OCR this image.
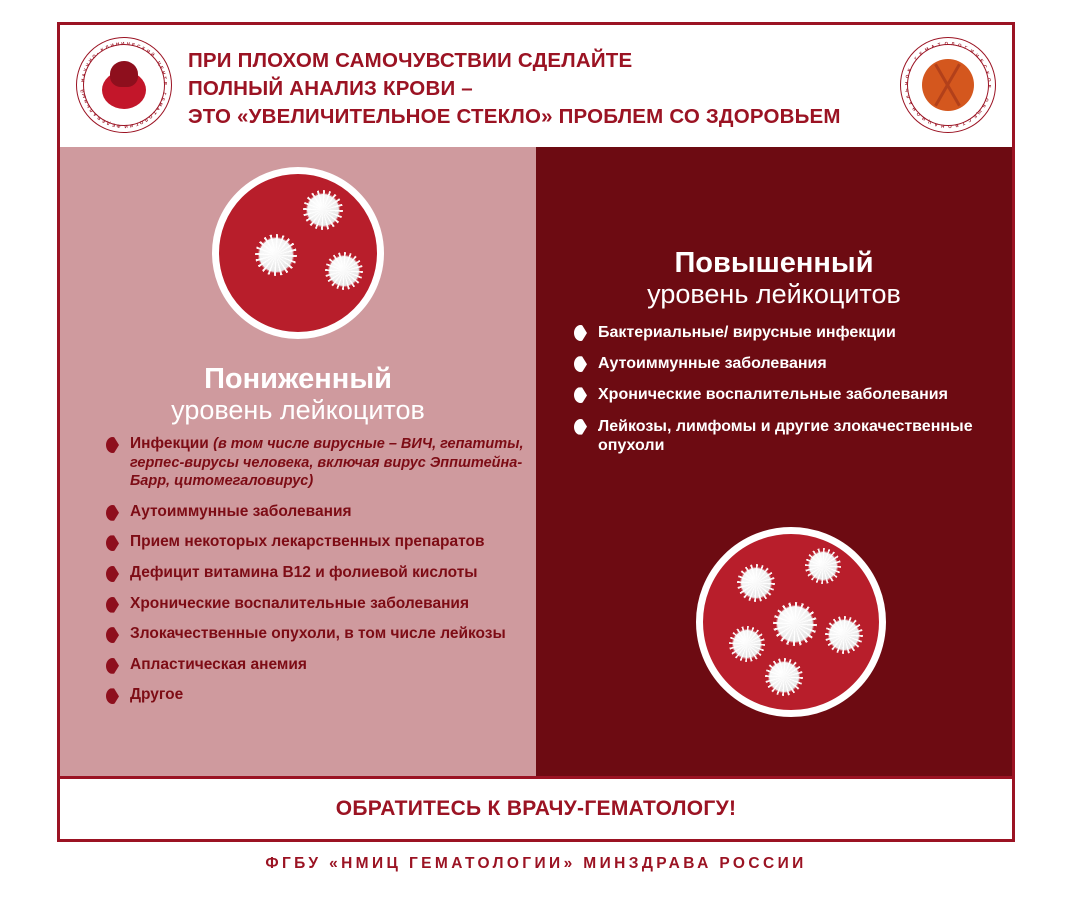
Ф
Е
Д
Е
Р
А
Л
Ь
Н
Ы
Й
Н
А
У
Ч
Н
О
-
К Л И Н И Ч Е С К И
Й
Ц
Е
Н
Т
Р
Г
Е
М
А
Т
О
Л
О
Г
И
И
ПРИ ПЛОХОМ САМОЧУВСТВИИ СДЕЛАЙТЕ
ПОЛНЫЙ АНАЛИЗ КРОВИ –
ЭТО «УВЕЛИЧИТЕЛЬНОЕ СТЕКЛО» ПРОБЛЕМ СО ЗДОРОВЬЕМ	Н
А
Ц
И
О
Н
А
Л
Ь
Н
О
Е
Г
Е
М А Т О Л О Г
И
Ч
Е
С
К
О
Е
О
Б
Щ
Е
С
Т
В
О
Пониженный
уровень лейкоцитов
Инфекции (в том числе вирусные – ВИЧ, гепатиты, герпес-вирусы человека, включая вирус Эппштейна-Барр, цитомегаловирус)
Аутоиммунные заболевания
Прием некоторых лекарственных препаратов
Дефицит витамина В12 и фолиевой кислоты
Хронические воспалительные заболевания
Злокачественные опухоли, в том числе лейкозы
Апластическая анемия
Другое
Повышенный
уровень лейкоцитов
Бактериальные/ вирусные инфекции
Аутоиммунные заболевания
Хронические воспалительные заболевания
Лейкозы, лимфомы и другие злокачественные опухоли
ОБРАТИТЕСЬ К ВРАЧУ-ГЕМАТОЛОГУ!
ФГБУ «НМИЦ ГЕМАТОЛОГИИ» МИНЗДРАВА РОССИИ
